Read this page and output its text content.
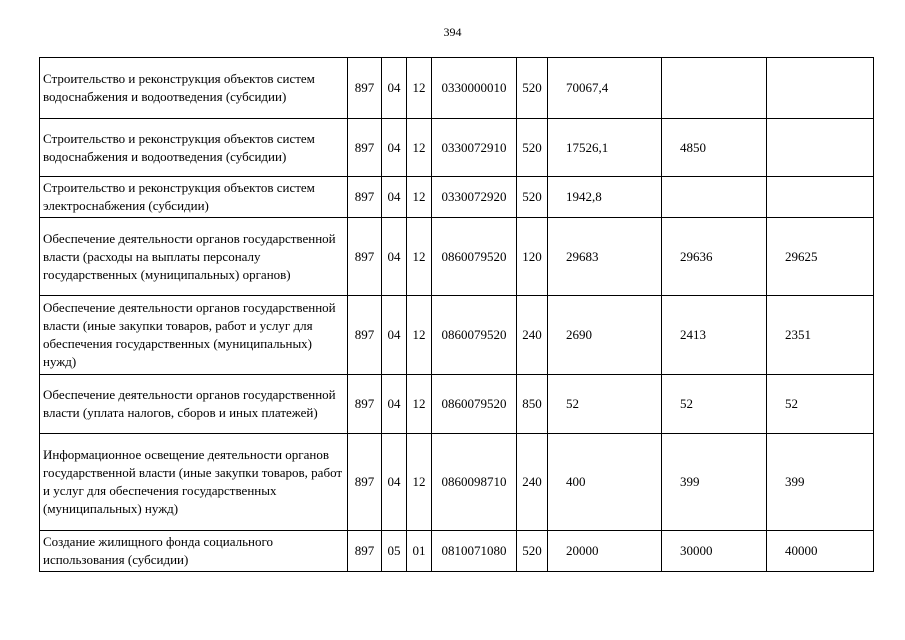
394
Строительство и реконструкция объектов систем водоснабжения и водоотведения (субсидии)	897	04	12	0330000010	520	70067,4		
Строительство и реконструкция объектов систем водоснабжения и водоотведения (субсидии)	897	04	12	0330072910	520	17526,1	4850	
Строительство и реконструкция объектов систем электроснабжения (субсидии)	897	04	12	0330072920	520	1942,8		
Обеспечение деятельности органов государственной власти (расходы на выплаты персоналу государственных (муниципальных) органов)	897	04	12	0860079520	120	29683	29636	29625
Обеспечение деятельности органов государственной власти (иные закупки товаров, работ и услуг для обеспечения государственных (муниципальных) нужд)	897	04	12	0860079520	240	2690	2413	2351
Обеспечение деятельности органов государственной власти (уплата налогов, сборов и иных платежей)	897	04	12	0860079520	850	52	52	52
Информационное освещение деятельности органов государственной власти (иные закупки товаров, работ и услуг для обеспечения государственных (муниципальных) нужд)	897	04	12	0860098710	240	400	399	399
Создание жилищного фонда социального использования (субсидии)	897	05	01	0810071080	520	20000	30000	40000
